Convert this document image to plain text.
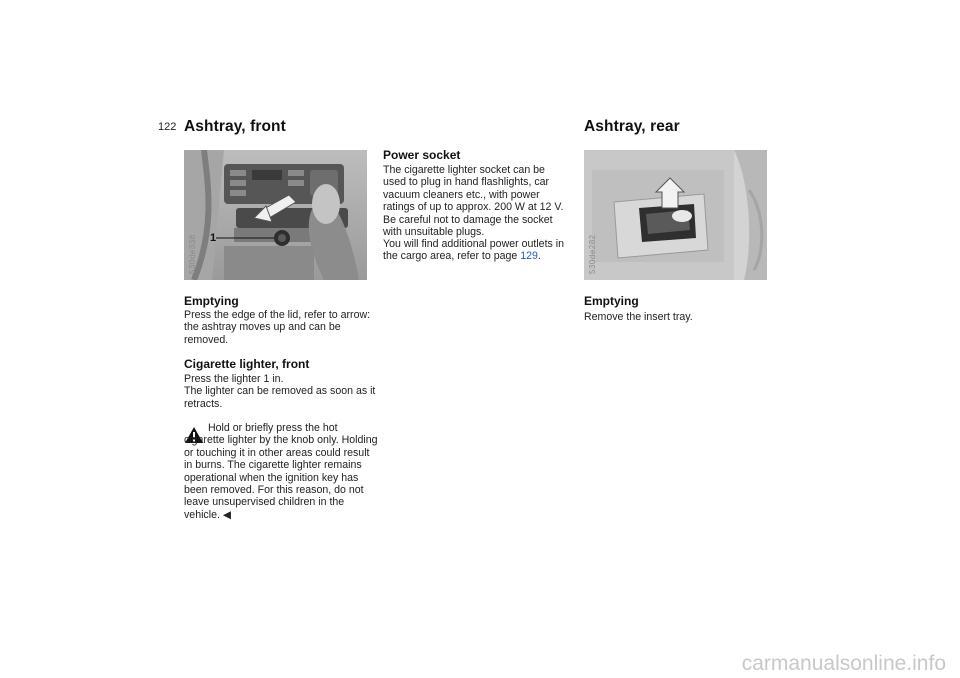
122 Ashtray, front
1
530de338
Emptying
Press the edge of the lid, refer to arrow: the ashtray moves up and can be removed.
Cigarette lighter, front

Press the lighter 1 in.

The lighter can be removed as soon as it retracts.

Hold or briefly press the hot cigarette lighter by the knob only. Holding or touching it in other areas could result in burns. The cigarette lighter remains operational when the ignition key has been removed. For this reason, do not leave unsupervised children in the vehicle. ◀
Power socket
The cigarette lighter socket can be used to plug in hand flashlights, car vacuum cleaners etc., with power ratings of up to approx. 200 W at 12 V. Be careful not to damage the socket with unsuitable plugs.
You will find additional power outlets in the cargo area, refer to page 129.
Ashtray, rear
530de282
Emptying
Remove the insert tray.
carmanualsonline.info
